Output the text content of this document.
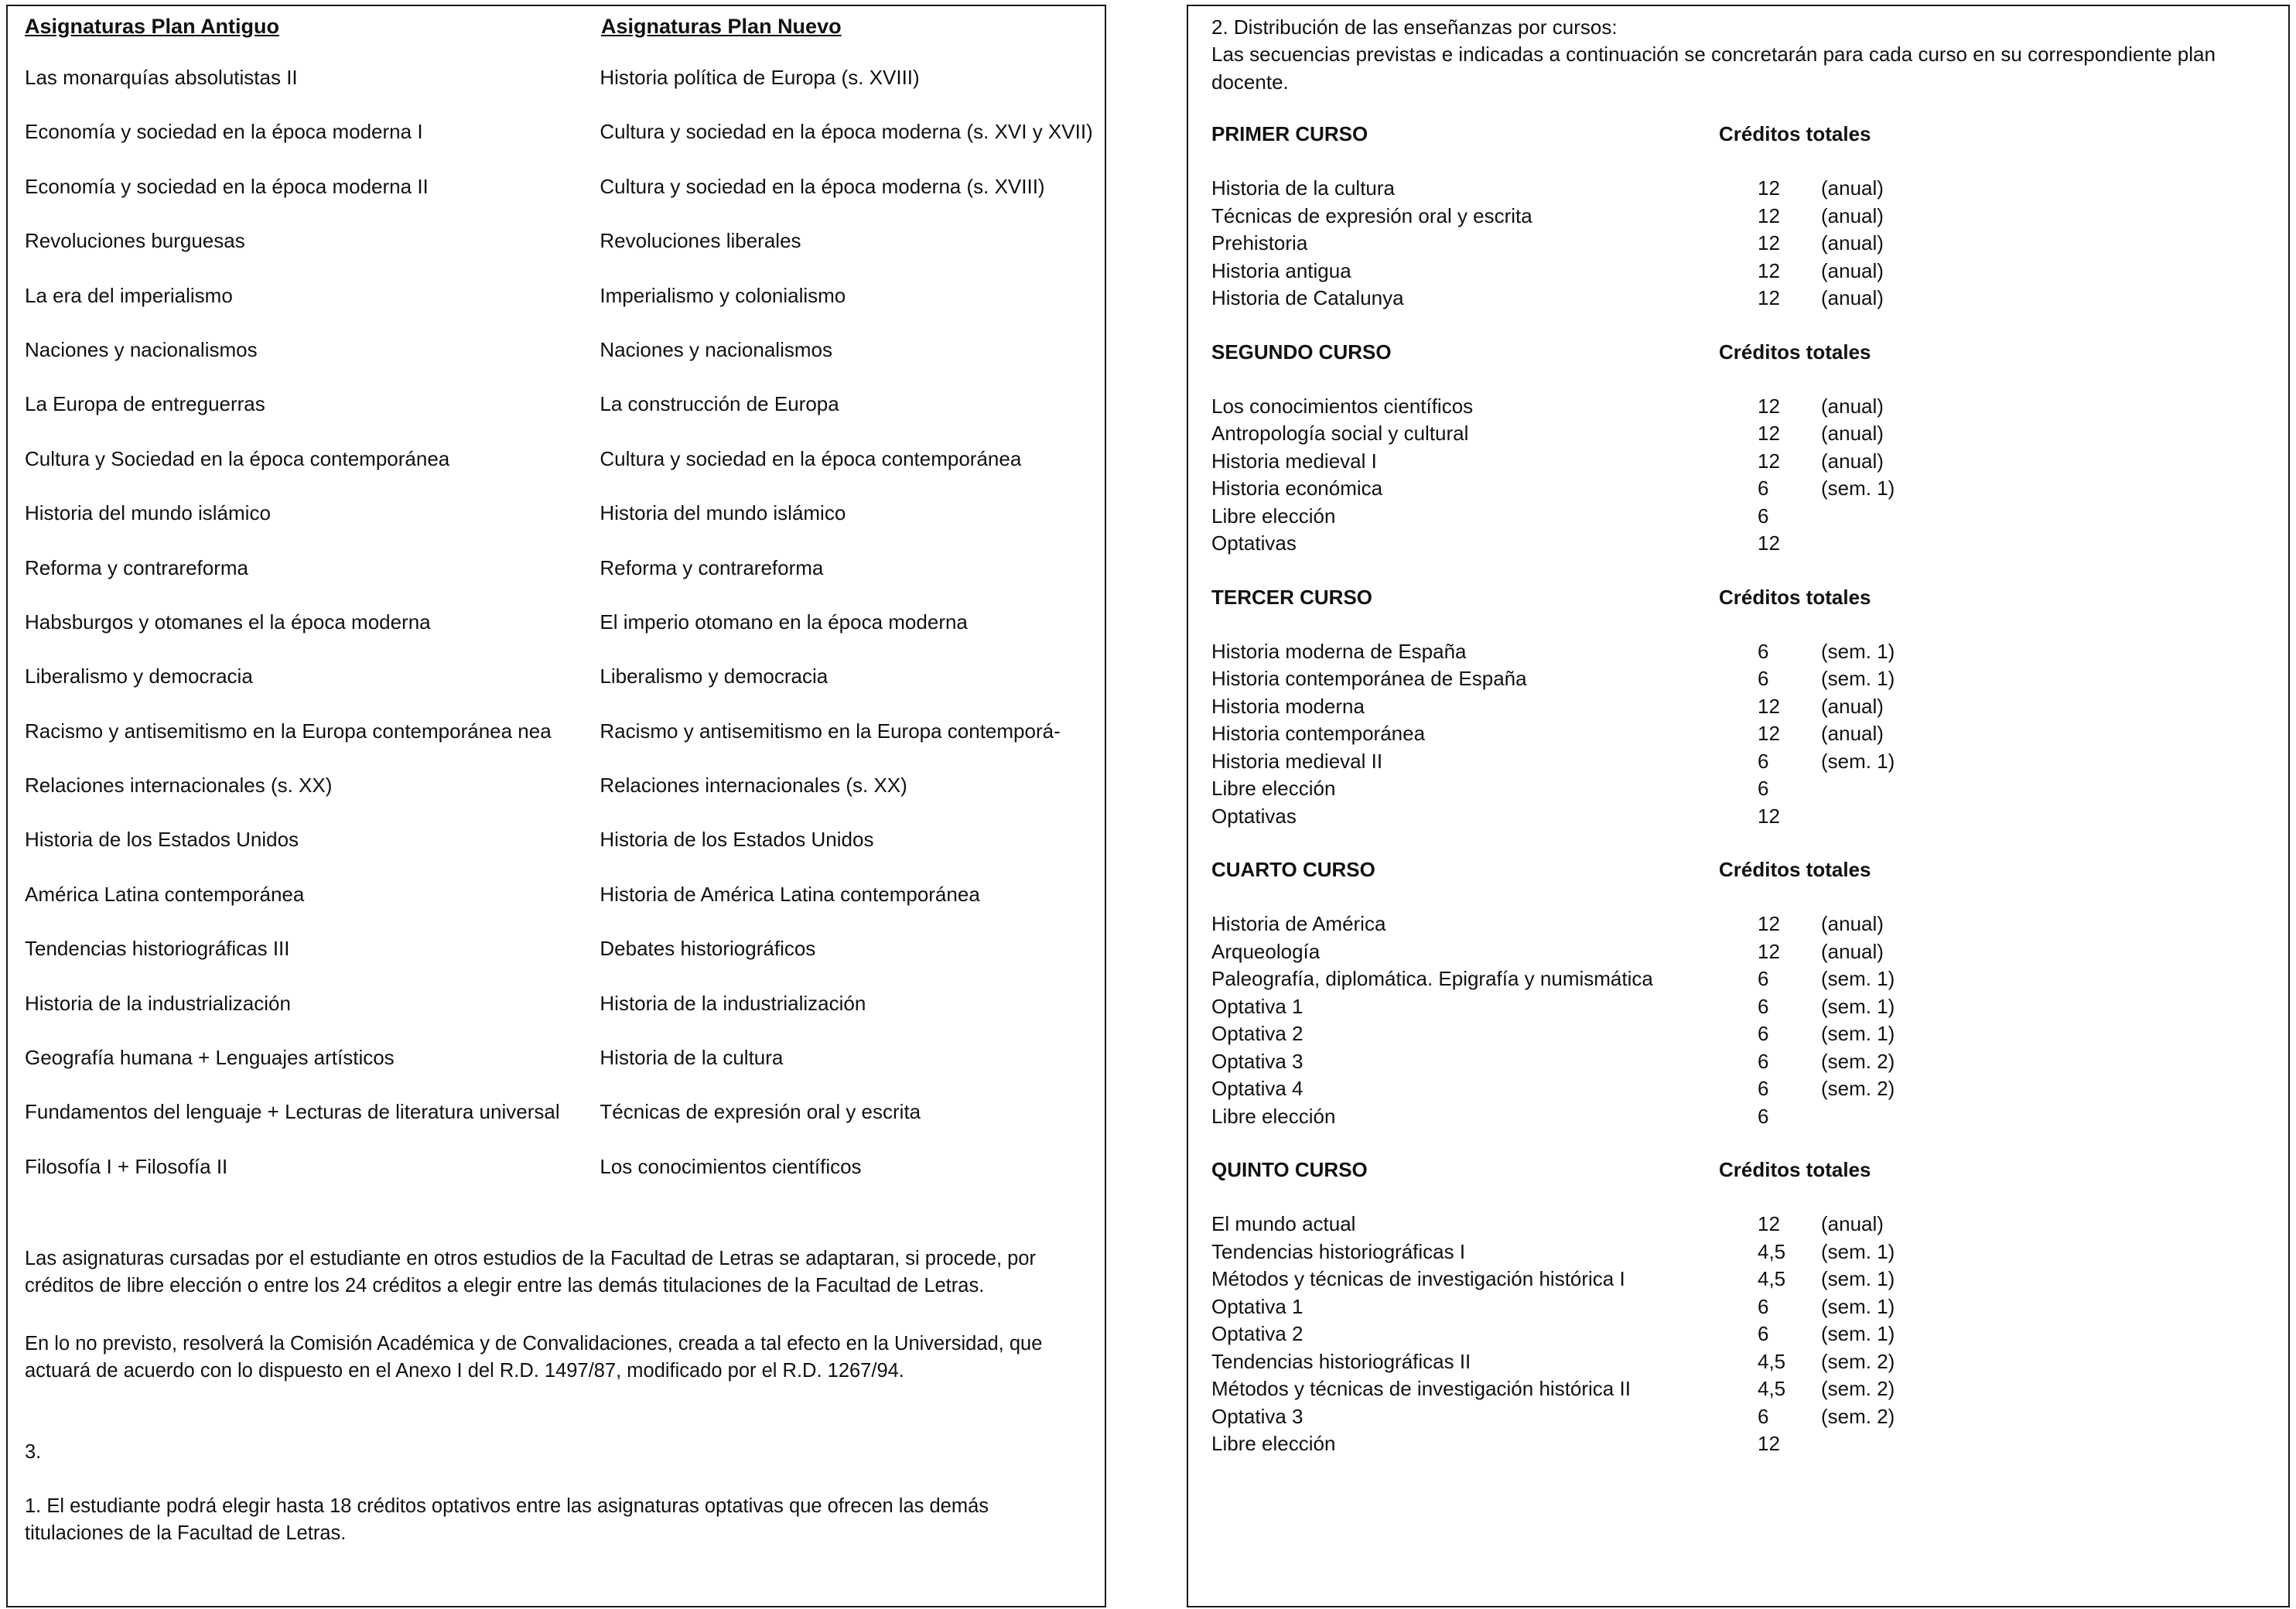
Asignaturas Plan Antiguo	Asignaturas Plan Nuevo
Las monarquías absolutistas II	Historia política de Europa (s. XVIII)
Economía y sociedad en la época moderna I	Cultura y sociedad en la época moderna (s. XVI y XVII)
Economía y sociedad en la época moderna II	Cultura y sociedad en la época moderna (s. XVIII)
Revoluciones burguesas	Revoluciones liberales
La era del imperialismo	Imperialismo y colonialismo
Naciones y nacionalismos	Naciones y nacionalismos
La Europa de entreguerras	La construcción de Europa
Cultura y Sociedad en la época contemporánea	Cultura y sociedad en la época contemporánea
Historia del mundo islámico	Historia del mundo islámico
Reforma y contrareforma	Reforma y contrareforma
Habsburgos y otomanes el la época moderna	El imperio otomano en la época moderna
Liberalismo y democracia	Liberalismo y democracia
Racismo y antisemitismo en la Europa contemporánea nea	Racismo y antisemitismo en la Europa contemporá-
Relaciones internacionales (s. XX)	Relaciones internacionales (s. XX)
Historia de los Estados Unidos	Historia de los Estados Unidos
América Latina contemporánea	Historia de América Latina contemporánea
Tendencias historiográficas III	Debates historiográficos
Historia de la industrialización	Historia de la industrialización
Geografía humana + Lenguajes artísticos	Historia de la cultura
Fundamentos del lenguaje + Lecturas de literatura universal	Técnicas de expresión oral y escrita
Filosofía I + Filosofía II	Los conocimientos científicos
Las asignaturas cursadas por el estudiante en otros estudios de la Facultad de Letras se adaptaran, si procede, por créditos de libre elección o entre los 24 créditos a elegir entre las demás titulaciones de la Facultad de Letras.
En lo no previsto, resolverá la Comisión Académica y de Convalidaciones, creada a tal efecto en la Universidad, que actuará de acuerdo con lo dispuesto en el Anexo I del R.D. 1497/87, modificado por el R.D. 1267/94.
3.
1. El estudiante podrá elegir hasta 18 créditos optativos entre las asignaturas optativas que ofrecen las demás titulaciones de la Facultad de Letras.
2. Distribución de las enseñanzas por cursos:
Las secuencias previstas e indicadas a continuación se concretarán para cada curso en su correspondiente plan docente.
PRIMER CURSO	Créditos totales
Historia de la cultura	12	(anual)
Técnicas de expresión oral y escrita	12	(anual)
Prehistoria	12	(anual)
Historia antigua	12	(anual)
Historia de Catalunya	12	(anual)
SEGUNDO CURSO	Créditos totales
Los conocimientos científicos	12	(anual)
Antropología social y cultural	12	(anual)
Historia medieval I	12	(anual)
Historia económica	6	(sem. 1)
Libre elección	6
Optativas	12
TERCER CURSO	Créditos totales
Historia moderna de España	6	(sem. 1)
Historia contemporánea de España	6	(sem. 1)
Historia moderna	12	(anual)
Historia contemporánea	12	(anual)
Historia medieval II	6	(sem. 1)
Libre elección	6
Optativas	12
CUARTO CURSO	Créditos totales
Historia de América	12	(anual)
Arqueología	12	(anual)
Paleografía, diplomática. Epigrafía y numismática	6	(sem. 1)
Optativa 1	6	(sem. 1)
Optativa 2	6	(sem. 1)
Optativa 3	6	(sem. 2)
Optativa 4	6	(sem. 2)
Libre elección	6
QUINTO CURSO	Créditos totales
El mundo actual	12	(anual)
Tendencias historiográficas I	4,5	(sem. 1)
Métodos y técnicas de investigación histórica I	4,5	(sem. 1)
Optativa 1	6	(sem. 1)
Optativa 2	6	(sem. 1)
Tendencias historiográficas II	4,5	(sem. 2)
Métodos y técnicas de investigación histórica II	4,5	(sem. 2)
Optativa 3	6	(sem. 2)
Libre elección	12
